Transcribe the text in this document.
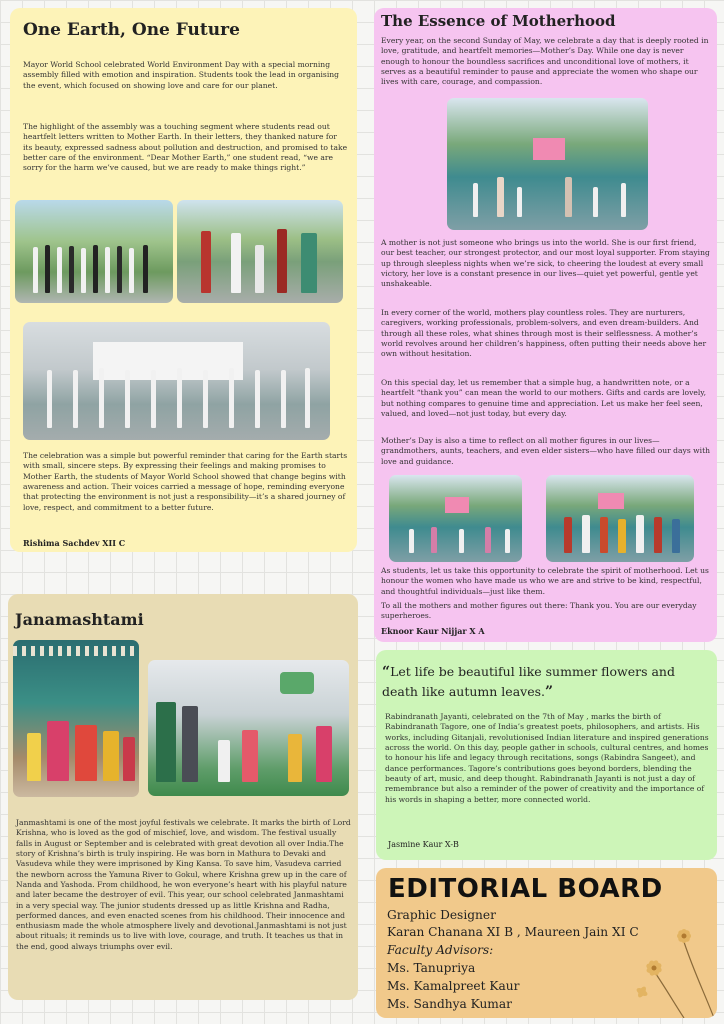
One Earth, One Future

Mayor World School celebrated World Environment Day with a special morning assembly filled with emotion and inspiration. Students took the lead in organising the event, which focused on showing love and care for our planet.

The highlight of the assembly was a touching segment where students read out heartfelt letters written to Mother Earth. In their letters, they thanked nature for its beauty, expressed sadness about pollution and destruction, and promised to take better care of the environment. “Dear Mother Earth,” one student read, “we are sorry for the harm we’ve caused, but we are ready to make things right.”

The celebration was a simple but powerful reminder that caring for the Earth starts with small, sincere steps. By expressing their feelings and making promises to Mother Earth, the students of Mayor World School showed that change begins with awareness and action. Their voices carried a message of hope, reminding everyone that protecting the environment is not just a responsibility—it’s a shared journey of love, respect, and commitment to a better future.

Rishima Sachdev XII C
The Essence of Motherhood

Every year, on the second Sunday of May, we celebrate a day that is deeply rooted in love, gratitude, and heartfelt memories—Mother’s Day. While one day is never enough to honour the boundless sacrifices and unconditional love of mothers, it serves as a beautiful reminder to pause and appreciate the women who shape our lives with care, courage, and compassion.

A mother is not just someone who brings us into the world. She is our first friend, our best teacher, our strongest protector, and our most loyal supporter. From staying up through sleepless nights when we’re sick, to cheering the loudest at every small victory, her love is a constant presence in our lives—quiet yet powerful, gentle yet unshakeable.

In every corner of the world, mothers play countless roles. They are nurturers, caregivers, working professionals, problem-solvers, and even dream-builders. And through all these roles, what shines through most is their selflessness. A mother’s world revolves around her children’s happiness, often putting their needs above her own without hesitation.

On this special day, let us remember that a simple hug, a handwritten note, or a heartfelt “thank you” can mean the world to our mothers. Gifts and cards are lovely, but nothing compares to genuine time and appreciation. Let us make her feel seen, valued, and loved—not just today, but every day.

Mother’s Day is also a time to reflect on all mother figures in our lives—grandmothers, aunts, teachers, and even elder sisters—who have filled our days with love and guidance.

As students, let us take this opportunity to celebrate the spirit of motherhood. Let us honour the women who have made us who we are and strive to be kind, respectful, and thoughtful individuals—just like them.

To all the mothers and mother figures out there: Thank you. You are our everyday superheroes.

Eknoor Kaur Nijjar X A
Janamashtami

Janmashtami is one of the most joyful festivals we celebrate. It marks the birth of Lord Krishna, who is loved as the god of mischief, love, and wisdom. The festival usually falls in August or September and is celebrated with great devotion all over India.The story of Krishna’s birth is truly inspiring. He was born in Mathura to Devaki and Vasudeva while they were imprisoned by King Kansa. To save him, Vasudeva carried the newborn across the Yamuna River to Gokul, where Krishna grew up in the care of Nanda and Yashoda. From childhood, he won everyone’s heart with his playful nature and later became the destroyer of evil. This year, our school celebrated Janmashtami in a very special way. The junior students dressed up as little Krishna and Radha, performed dances, and even enacted scenes from his childhood. Their innocence and enthusiasm made the whole atmosphere lively and devotional.Janmashtami is not just about rituals; it reminds us to live with love, courage, and truth. It teaches us that in the end, good always triumphs over evil.

“Let life be beautiful like summer flowers and death like autumn leaves.”

Rabindranath Jayanti, celebrated on the 7th of May , marks the birth of Rabindranath Tagore, one of India’s greatest poets, philosophers, and artists. His works, including Gitanjali, revolutionised Indian literature and inspired generations across the world. On this day, people gather in schools, cultural centres, and homes to honour his life and legacy through recitations, songs (Rabindra Sangeet), and dance performances. Tagore’s contributions goes beyond borders, blending the beauty of art, music, and deep thought. Rabindranath Jayanti is not just a day of remembrance but also a reminder of the power of creativity and the importance of his words in shaping a better, more connected world.

Jasmine Kaur X-B
EDITORIAL BOARD
Graphic Designer
Karan Chanana XI B , Maureen Jain XI C
Faculty Advisors:
Ms. Tanupriya
Ms. Kamalpreet Kaur
Ms. Sandhya Kumar
